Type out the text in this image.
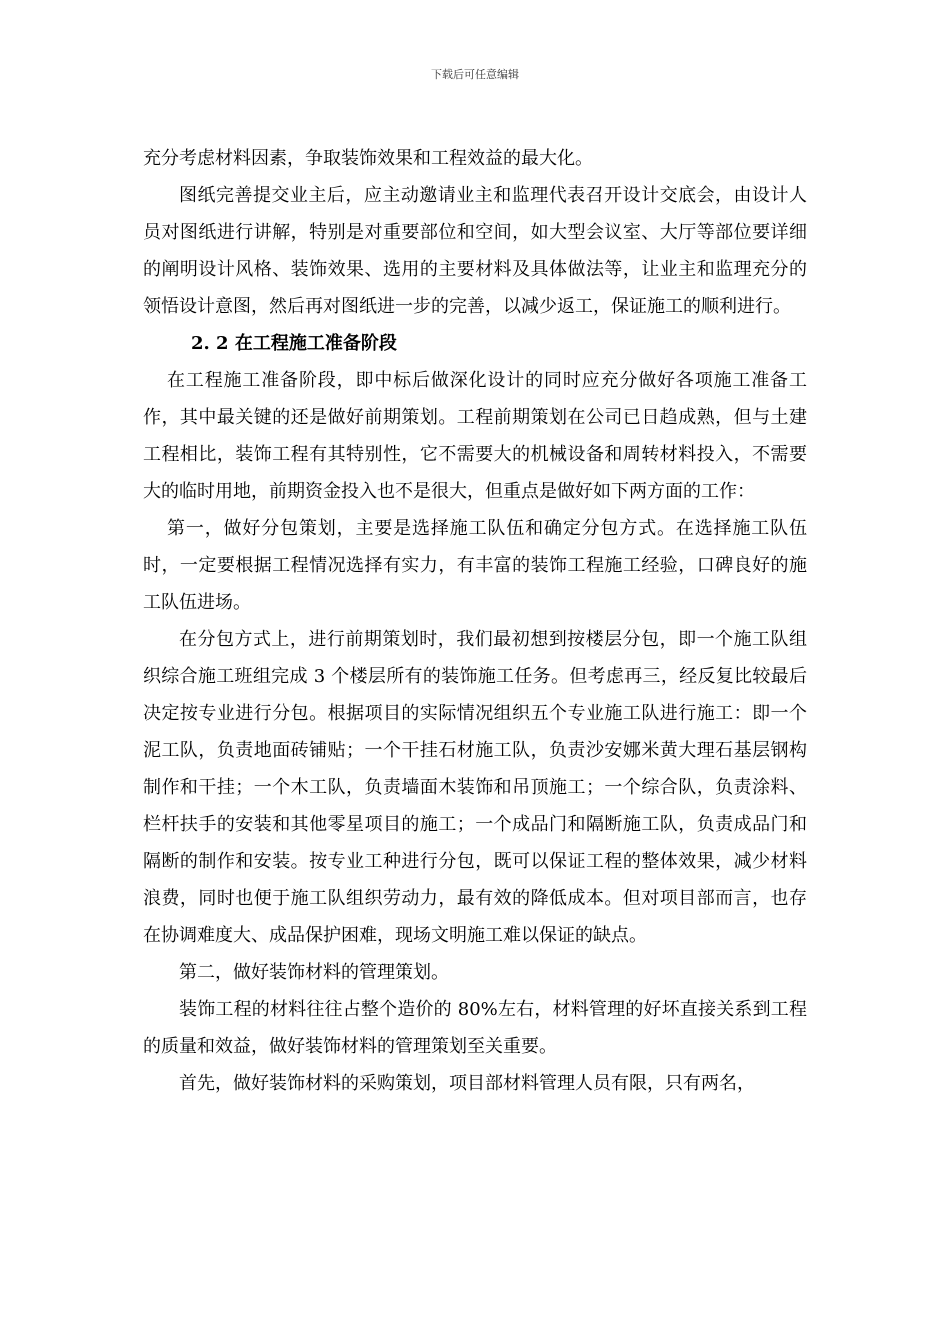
下载后可任意编辑

充分考虑材料因素，争取装饰效果和工程效益的最大化。

图纸完善提交业主后，应主动邀请业主和监理代表召开设计交底会，由设计人员对图纸进行讲解，特别是对重要部位和空间，如大型会议室、大厅等部位要详细的阐明设计风格、装饰效果、选用的主要材料及具体做法等，让业主和监理充分的领悟设计意图，然后再对图纸进一步的完善，以减少返工，保证施工的顺利进行。

2. 2 在工程施工准备阶段

在工程施工准备阶段，即中标后做深化设计的同时应充分做好各项施工准备工作，其中最关键的还是做好前期策划。工程前期策划在公司已日趋成熟，但与土建工程相比，装饰工程有其特别性，它不需要大的机械设备和周转材料投入，不需要大的临时用地，前期资金投入也不是很大，但重点是做好如下两方面的工作：

第一，做好分包策划，主要是选择施工队伍和确定分包方式。在选择施工队伍时，一定要根据工程情况选择有实力，有丰富的装饰工程施工经验，口碑良好的施工队伍进场。

在分包方式上，进行前期策划时，我们最初想到按楼层分包，即一个施工队组织综合施工班组完成 3 个楼层所有的装饰施工任务。但考虑再三，经反复比较最后决定按专业进行分包。根据项目的实际情况组织五个专业施工队进行施工：即一个泥工队，负责地面砖铺贴；一个干挂石材施工队，负责沙安娜米黄大理石基层钢构制作和干挂；一个木工队，负责墙面木装饰和吊顶施工；一个综合队，负责涂料、栏杆扶手的安装和其他零星项目的施工；一个成品门和隔断施工队，负责成品门和隔断的制作和安装。按专业工种进行分包，既可以保证工程的整体效果，减少材料浪费，同时也便于施工队组织劳动力，最有效的降低成本。但对项目部而言，也存在协调难度大、成品保护困难，现场文明施工难以保证的缺点。

第二，做好装饰材料的管理策划。

装饰工程的材料往往占整个造价的 80%左右，材料管理的好坏直接关系到工程的质量和效益，做好装饰材料的管理策划至关重要。

首先，做好装饰材料的采购策划，项目部材料管理人员有限，只有两名，
